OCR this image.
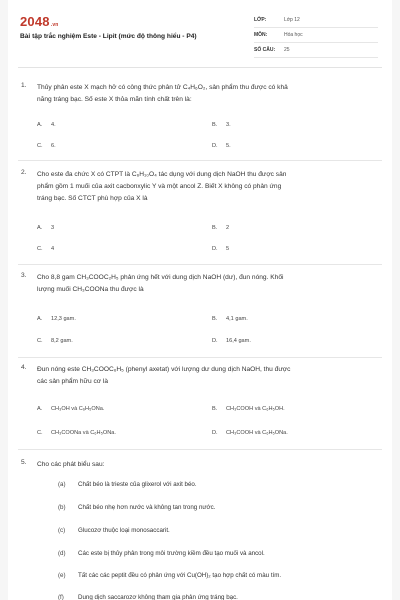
2048.vn
Bài tập trắc nghiệm Este - Lipit (mức độ thông hiểu - P4)
LỚP:	Lớp 12
MÔN:	Hóa học
SỐ CÂU: 25
1. Thủy phân este X mạch hở có công thức phân tử C₄H₆O₂, sản phẩm thu được có khả
năng tráng bạc. Số este X thỏa mãn tính chất trên là:
A. 4.	B. 3.
C. 6.	D. 5.
2. Cho este đa chức X có CTPT là C₆H₁₀O₄ tác dụng với dung dịch NaOH thu được sản
phẩm gồm 1 muối của axit cacbonxylic Y và một ancol Z. Biết X không có phản ứng
tráng bạc. Số CTCT phù hợp của X là
A. 3	B. 2
C. 4	D. 5
3. Cho 8,8 gam CH₃COOC₂H₅ phản ứng hết với dung dịch NaOH (dư), đun nóng. Khối
lượng muối CH₃COONa thu được là
A. 12,3 gam.	B. 4,1 gam.
C. 8,2 gam.	D. 16,4 gam.
4. Đun nóng este CH₃COOC₆H₅ (phenyl axetat) với lượng dư dung dịch NaOH, thu được
các sản phẩm hữu cơ là
A. CH₃OH và C₆H₅ONa.	B. CH₃COOH và C₆H₅OH.
C. CH₃COONa và C₆H₅ONa.	D. CH₃COOH và C₆H₅ONa.
5. Cho các phát biểu sau:
(a) Chất béo là trieste của glixerol với axit béo.
(b) Chất béo nhẹ hơn nước và không tan trong nước.
(c) Glucozơ thuộc loại monosaccarit.
(d) Các este bị thủy phân trong môi trường kiềm đều tạo muối và ancol.
(e) Tất các các peptit đều có phản ứng với Cu(OH)₂ tạo hợp chất có màu tím.
(f) Dung dịch saccarozơ không tham gia phản ứng tráng bạc.
